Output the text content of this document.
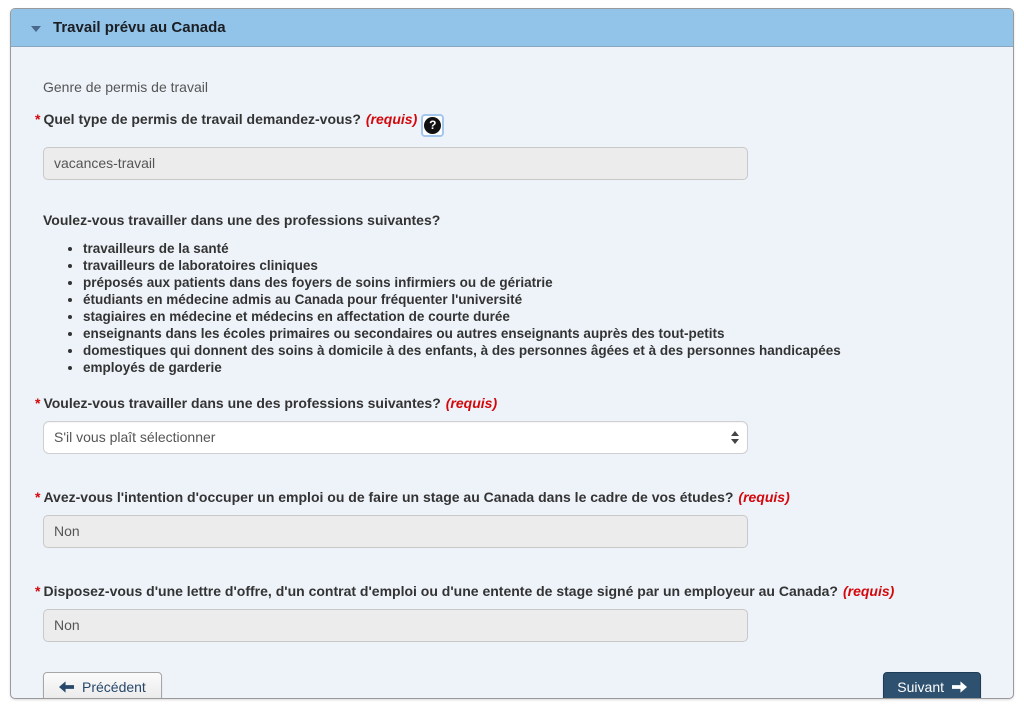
Travail prévu au Canada
Genre de permis de travail
* Quel type de permis de travail demandez-vous? (requis) ?
vacances-travail
Voulez-vous travailler dans une des professions suivantes?
• travailleurs de la santé
• travailleurs de laboratoires cliniques
• préposés aux patients dans des foyers de soins infirmiers ou de gériatrie
• étudiants en médecine admis au Canada pour fréquenter l'université
• stagiaires en médecine et médecins en affectation de courte durée
• enseignants dans les écoles primaires ou secondaires ou autres enseignants auprès des tout-petits
• domestiques qui donnent des soins à domicile à des enfants, à des personnes âgées et à des personnes handicapées
• employés de garderie
* Voulez-vous travailler dans une des professions suivantes? (requis)
S'il vous plaît sélectionner
* Avez-vous l'intention d'occuper un emploi ou de faire un stage au Canada dans le cadre de vos études? (requis)
Non
* Disposez-vous d'une lettre d'offre, d'un contrat d'emploi ou d'une entente de stage signé par un employeur au Canada? (requis)
Non
Précédent	Suivant
